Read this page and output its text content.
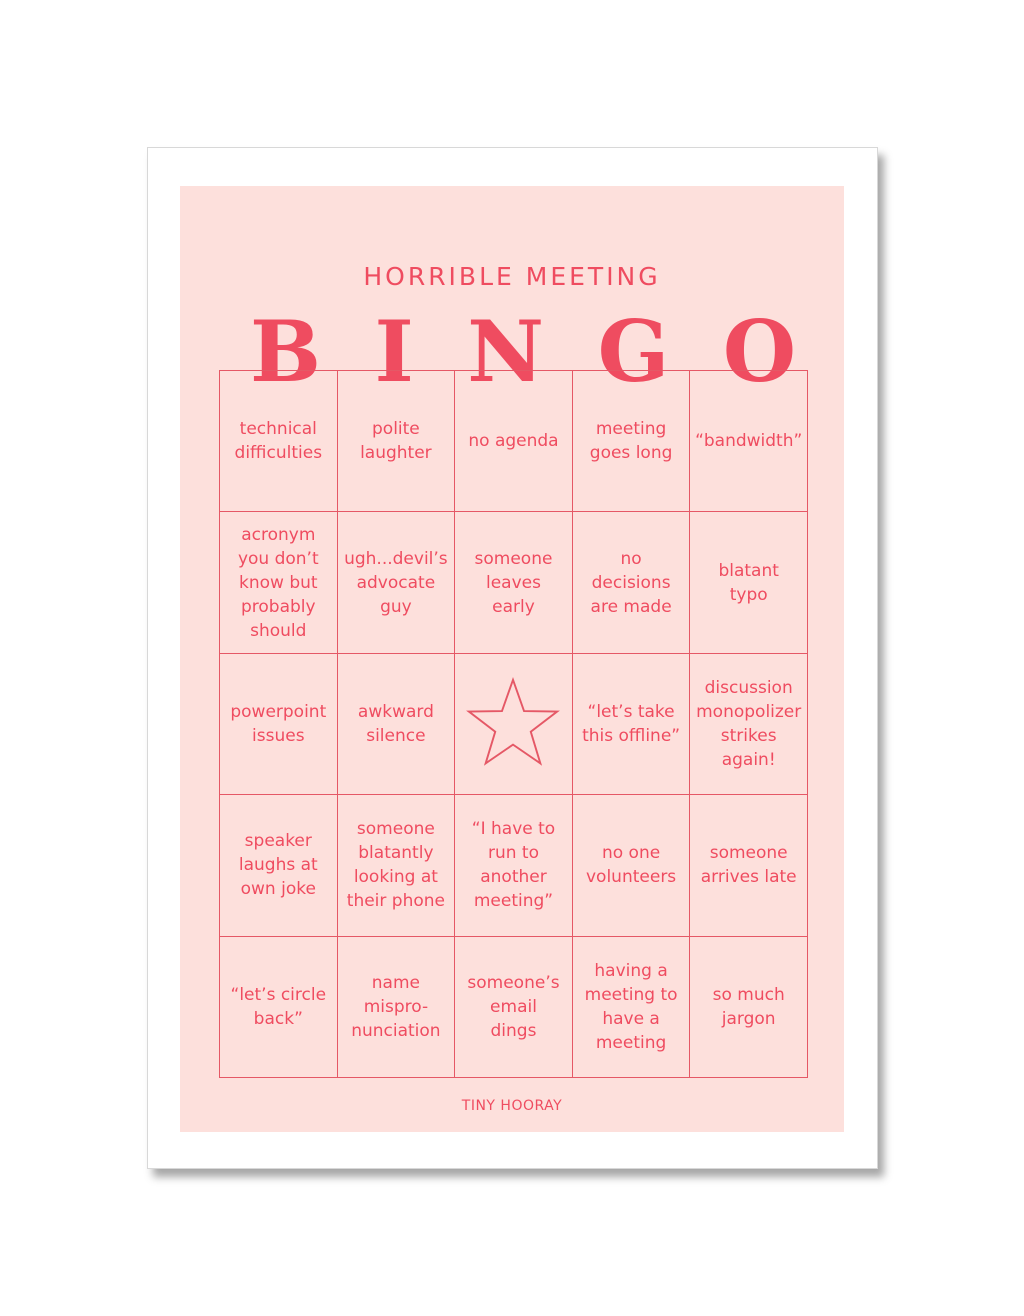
HORRIBLE MEETING
B I N G O
technical
difficulties
polite
laughter
no agenda
meeting
goes long
“bandwidth”
acronym
you don’t
know but
probably
should
ugh...devil’s
advocate
guy
someone
leaves
early
no
decisions
are made
blatant
typo
powerpoint
issues
awkward
silence
“let’s take
this offline”
discussion
monopolizer
strikes
again!
speaker
laughs at
own joke
someone
blatantly
looking at
their phone
“I have to
run to
another
meeting”
no one
volunteers
someone
arrives late
“let’s circle
back”
name
mispro-
nunciation
someone’s
email
dings
having a
meeting to
have a
meeting
so much
jargon
TINY HOORAY
